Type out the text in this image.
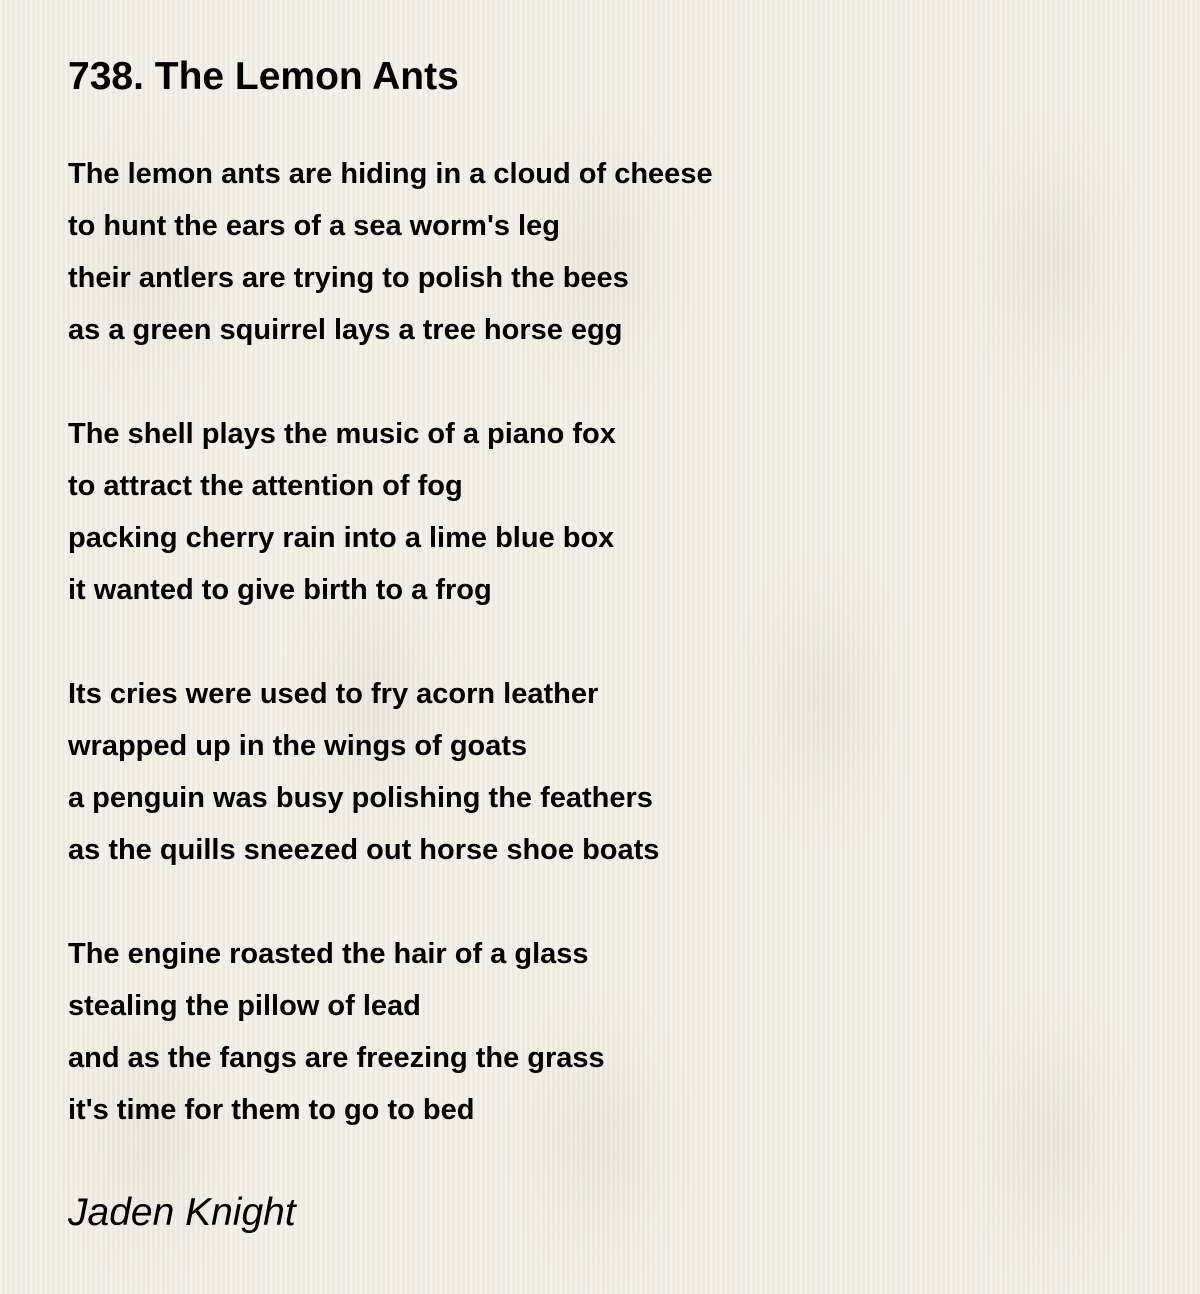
738. The Lemon Ants
The lemon ants are hiding in a cloud of cheese
to hunt the ears of a sea worm's leg
their antlers are trying to polish the bees
as a green squirrel lays a tree horse egg
The shell plays the music of a piano fox
to attract the attention of fog
packing cherry rain into a lime blue box
it wanted to give birth to a frog
Its cries were used to fry acorn leather
wrapped up in the wings of goats
a penguin was busy polishing the feathers
as the quills sneezed out horse shoe boats
The engine roasted the hair of a glass
stealing the pillow of lead
and as the fangs are freezing the grass
it's time for them to go to bed
Jaden Knight
